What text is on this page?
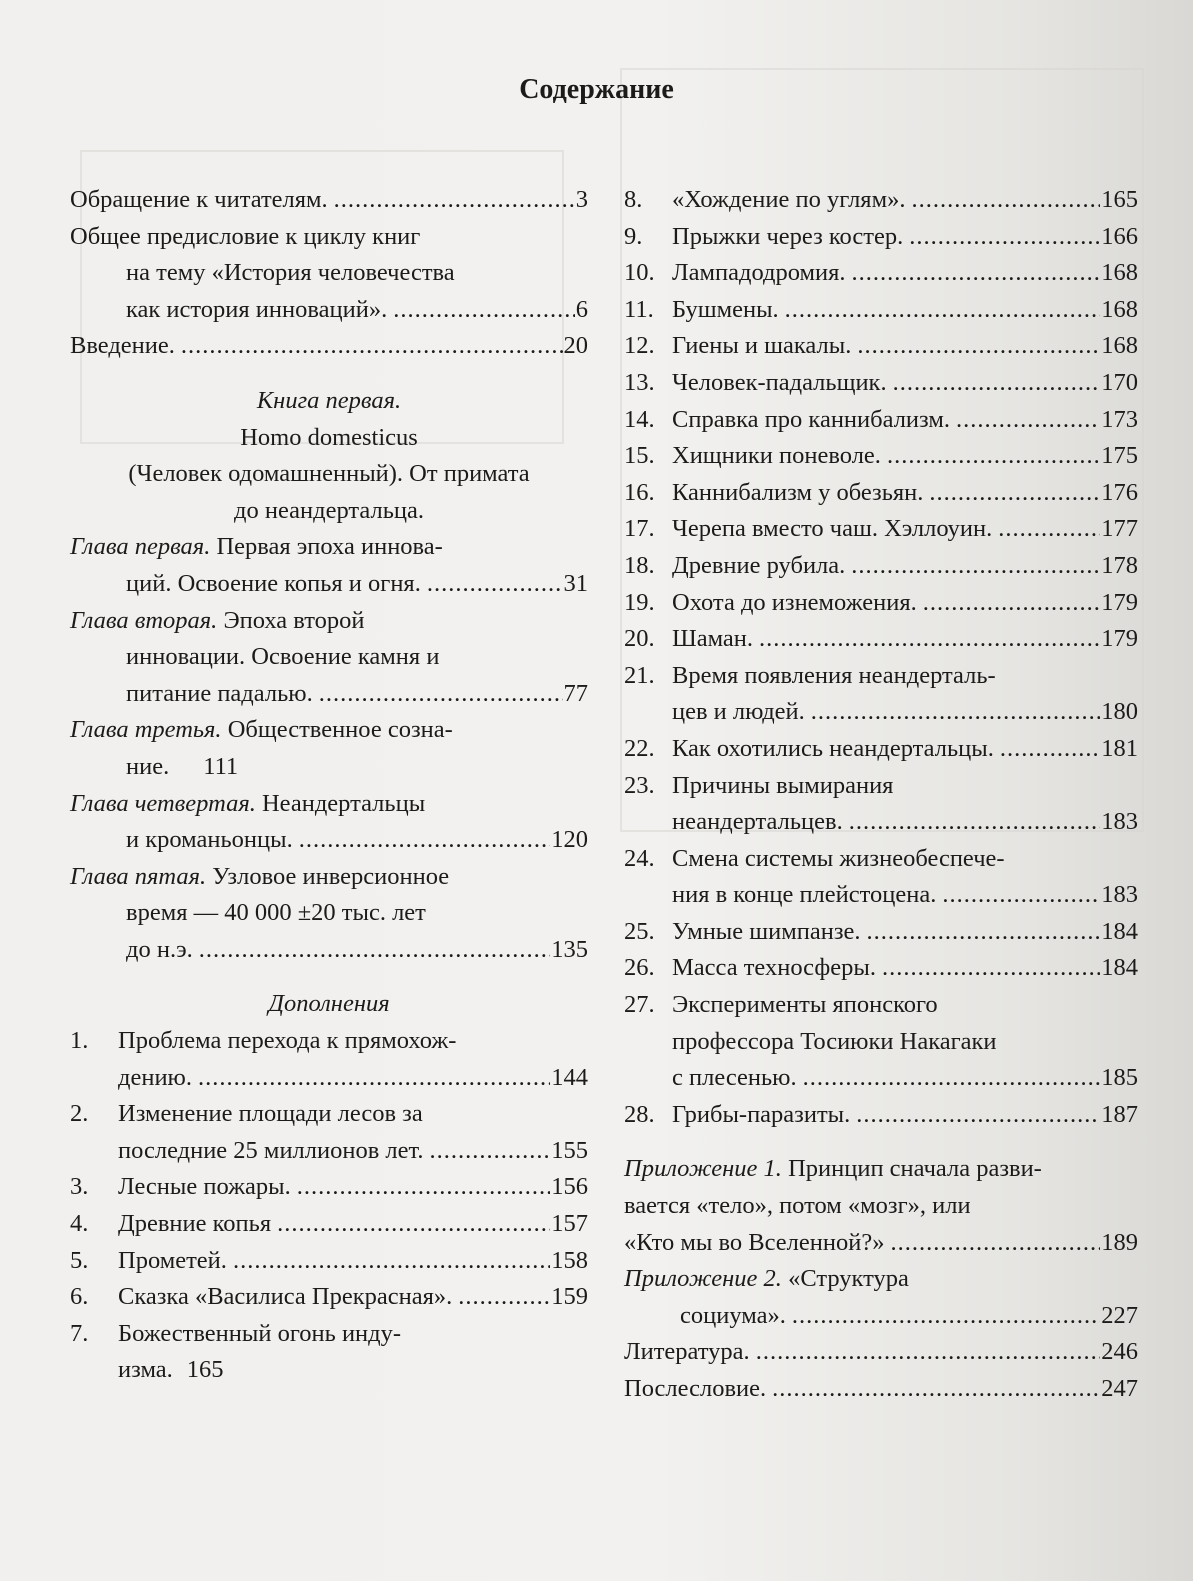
Содержание
Обращение к читателям. .....	3
Общее предисловие к циклу книг
на тему «История человечества
как история инноваций». .....	6
Введение. .....	20
Книга первая.
Homo domesticus
(Человек одомашненный). От примата
до неандертальца.
Глава первая. Первая эпоха иннова-
ций. Освоение копья и огня. .....	31
Глава вторая. Эпоха второй
инновации. Освоение камня и
питание падалью. .....	77
Глава третья. Общественное созна-
ние. 111
Глава четвертая. Неандертальцы
и кроманьонцы. .....	120
Глава пятая. Узловое инверсионное
время — 40 000 ±20 тыс. лет
до н.э. .....	135
Дополнения
1.	Проблема перехода к прямохож-
дению. .....	144
2.	Изменение площади лесов за
последние 25 миллионов лет. .....	155
3.	Лесные пожары. .....	156
4.	Древние копья .....	157
5.	Прометей. .....	158
6.	Сказка «Василиса Прекрасная». .....	159
7.	Божественный огонь инду-
изма. 165
8.	«Хождение по углям». .....	165
9.	Прыжки через костер. .....	166
10. Лампадодромия. .....	168
11. Бушмены. .....	168
12. Гиены и шакалы. .....	168
13. Человек-падальщик. .....	170
14. Справка про каннибализм. .....	173
15. Хищники поневоле. .....	175
16. Каннибализм у обезьян. .....	176
17. Черепа вместо чаш. Хэллоуин. .....	177
18. Древние рубила. .....	178
19. Охота до изнеможения. .....	179
20. Шаман. .....	179
21. Время появления неандерталь-
цев и людей. .....	180
22. Как охотились неандертальцы. .....	181
23. Причины вымирания
неандертальцев. .....	183
24. Смена системы жизнеобеспече-
ния в конце плейстоцена. .....	183
25. Умные шимпанзе. .....	184
26. Масса техносферы. .....	184
27. Эксперименты японского
профессора Тосиюки Накагаки
с плесенью. .....	185
28. Грибы-паразиты. .....	187
Приложение 1. Принцип сначала разви-
вается «тело», потом «мозг», или
«Кто мы во Вселенной?» .....	189
Приложение 2. «Структура
социума». .....	227
Литература. .....	246
Послесловие. .....	247
